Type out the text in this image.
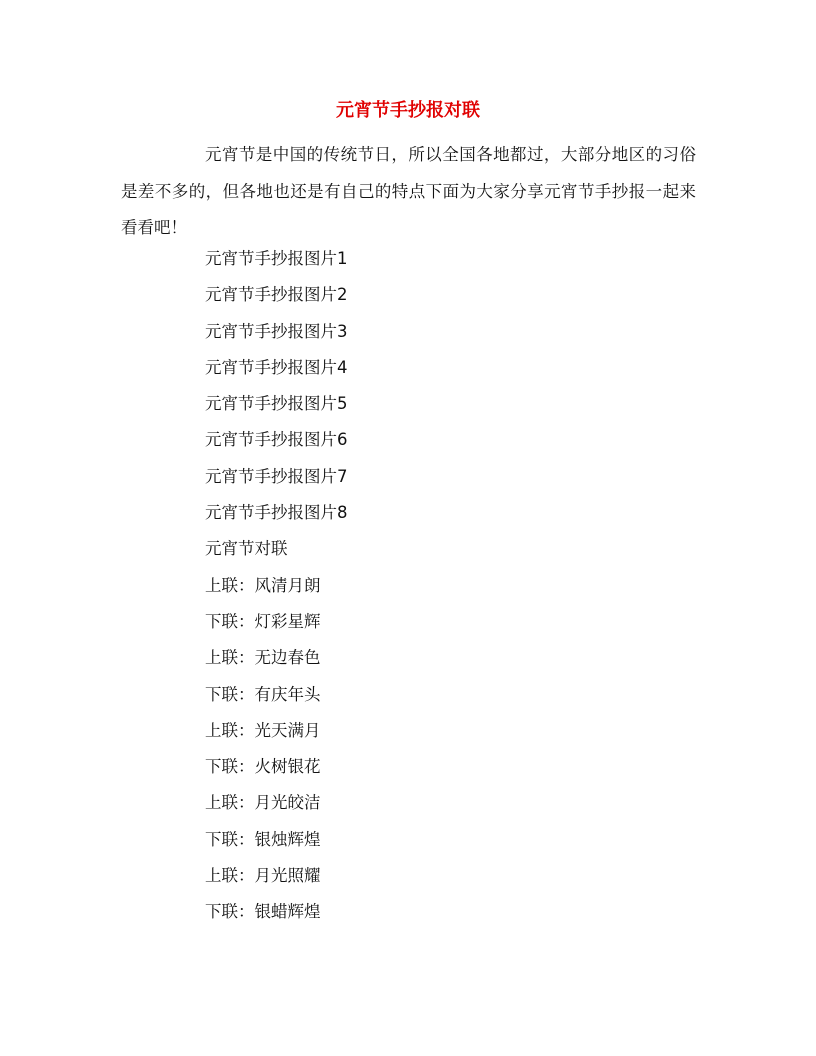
元宵节手抄报对联

元宵节是中国的传统节日，所以全国各地都过，大部分地区的习俗是差不多的，但各地也还是有自己的特点下面为大家分享元宵节手抄报一起来看看吧！

元宵节手抄报图片1
元宵节手抄报图片2
元宵节手抄报图片3
元宵节手抄报图片4
元宵节手抄报图片5
元宵节手抄报图片6
元宵节手抄报图片7
元宵节手抄报图片8
元宵节对联
上联：风清月朗
下联：灯彩星辉
上联：无边春色
下联：有庆年头
上联：光天满月
下联：火树银花
上联：月光皎洁
下联：银烛辉煌
上联：月光照耀
下联：银蜡辉煌
